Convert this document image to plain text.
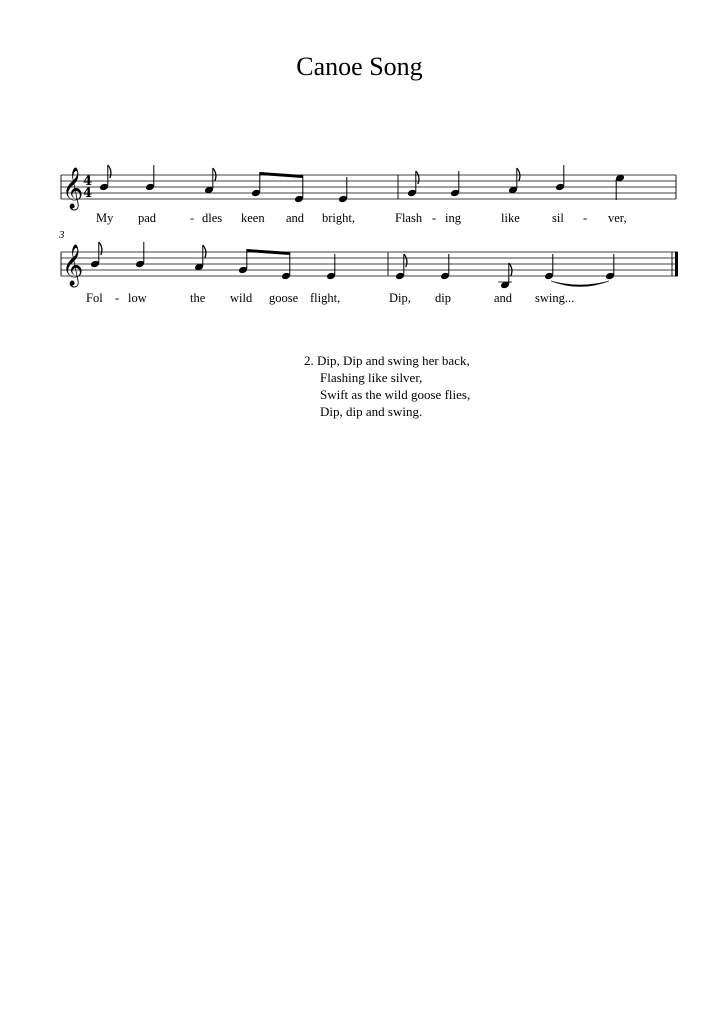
Canoe Song
𝄞 4
4
My pad	- dles keen and bright,	Flash - ing	like	sil - ver,
3
𝄞
Fol - low	the wild goose flight,	Dip, dip	and swing...
2. Dip, Dip and swing her back,
Flashing like silver,
Swift as the wild goose flies,
Dip, dip and swing.
